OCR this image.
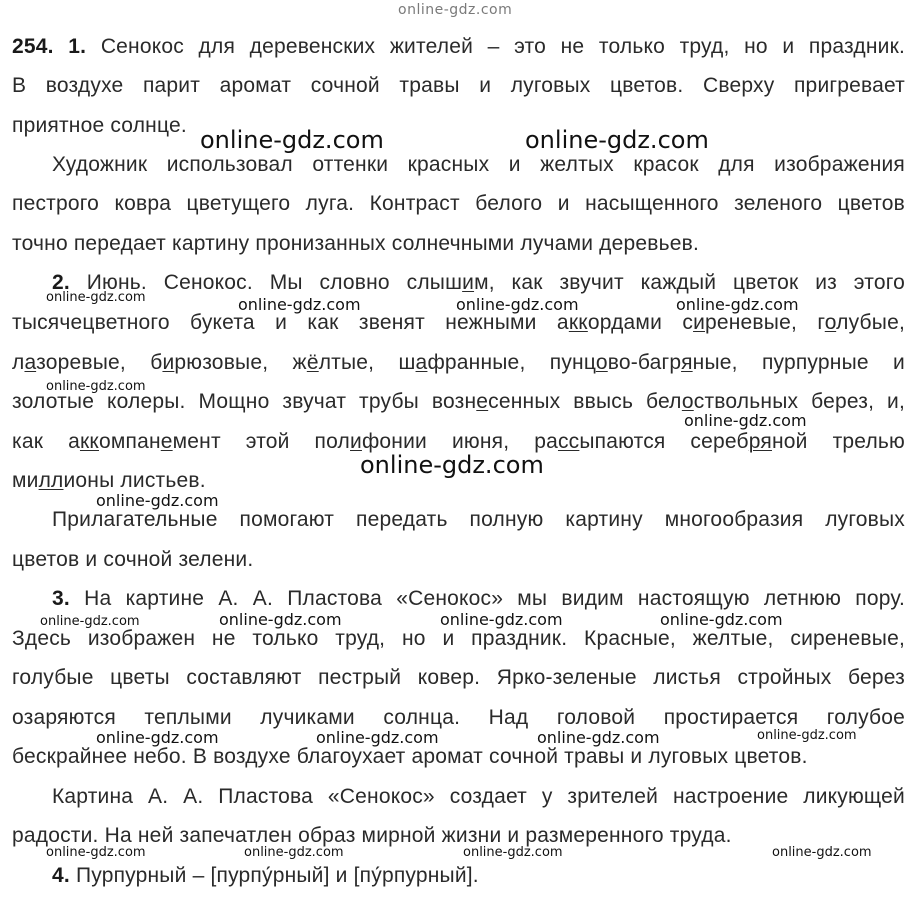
online-gdz.com
254. 1. Сенокос для деревенских жителей – это не только труд, но и праздник.
В воздухе парит аромат сочной травы и луговых цветов. Сверху пригревает
приятное солнце.
Художник использовал оттенки красных и желтых красок для изображения
пестрого ковра цветущего луга. Контраст белого и насыщенного зеленого цветов
точно передает картину пронизанных солнечными лучами деревьев.
2. Июнь. Сенокос. Мы словно слышим, как звучит каждый цветок из этого
тысячецветного букета и как звенят нежными аккордами сиреневые, голубые,
лазоревые, бирюзовые, жёлтые, шафранные, пунцово-багряные, пурпурные и
золотые колеры. Мощно звучат трубы вознесенных ввысь белоствольных берез, и,
как аккомпанемент этой полифонии июня, рассыпаются серебряной трелью
миллионы листьев.
Прилагательные помогают передать полную картину многообразия луговых
цветов и сочной зелени.
3. На картине А. А. Пластова «Сенокос» мы видим настоящую летнюю пору.
Здесь изображен не только труд, но и праздник. Красные, желтые, сиреневые,
голубые цветы составляют пестрый ковер. Ярко-зеленые листья стройных берез
озаряются теплыми лучиками солнца. Над головой простирается голубое
бескрайнее небо. В воздухе благоухает аромат сочной травы и луговых цветов.
Картина А. А. Пластова «Сенокос» создает у зрителей настроение ликующей
радости. На ней запечатлен образ мирной жизни и размеренного труда.
4. Пурпурный – [пурпу́рный] и [пу́рпурный].
online-gdz.com	online-gdz.com
online-gdz.com	online-gdz.com	online-gdz.com	online-gdz.com
online-gdz.com
online-gdz.com
online-gdz.com
online-gdz.com
online-gdz.com	online-gdz.com	online-gdz.com	online-gdz.com
online-gdz.com	online-gdz.com	online-gdz.com	online-gdz.com
online-gdz.com	online-gdz.com	online-gdz.com	online-gdz.com
